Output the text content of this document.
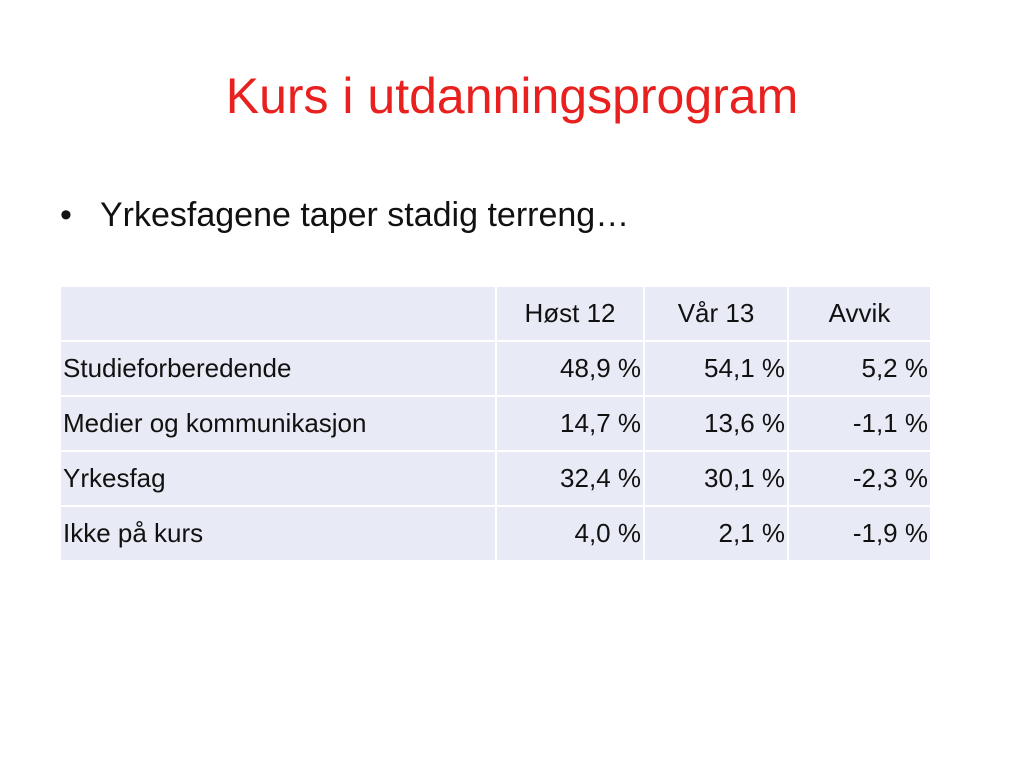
Kurs i utdanningsprogram
• Yrkesfagene taper stadig terreng…
	Høst 12	Vår 13	Avvik
Studieforberedende	48,9 %	54,1 %	5,2 %
Medier og kommunikasjon	14,7 %	13,6 %	-1,1 %
Yrkesfag	32,4 %	30,1 %	-2,3 %
Ikke på kurs	4,0 %	2,1 %	-1,9 %
